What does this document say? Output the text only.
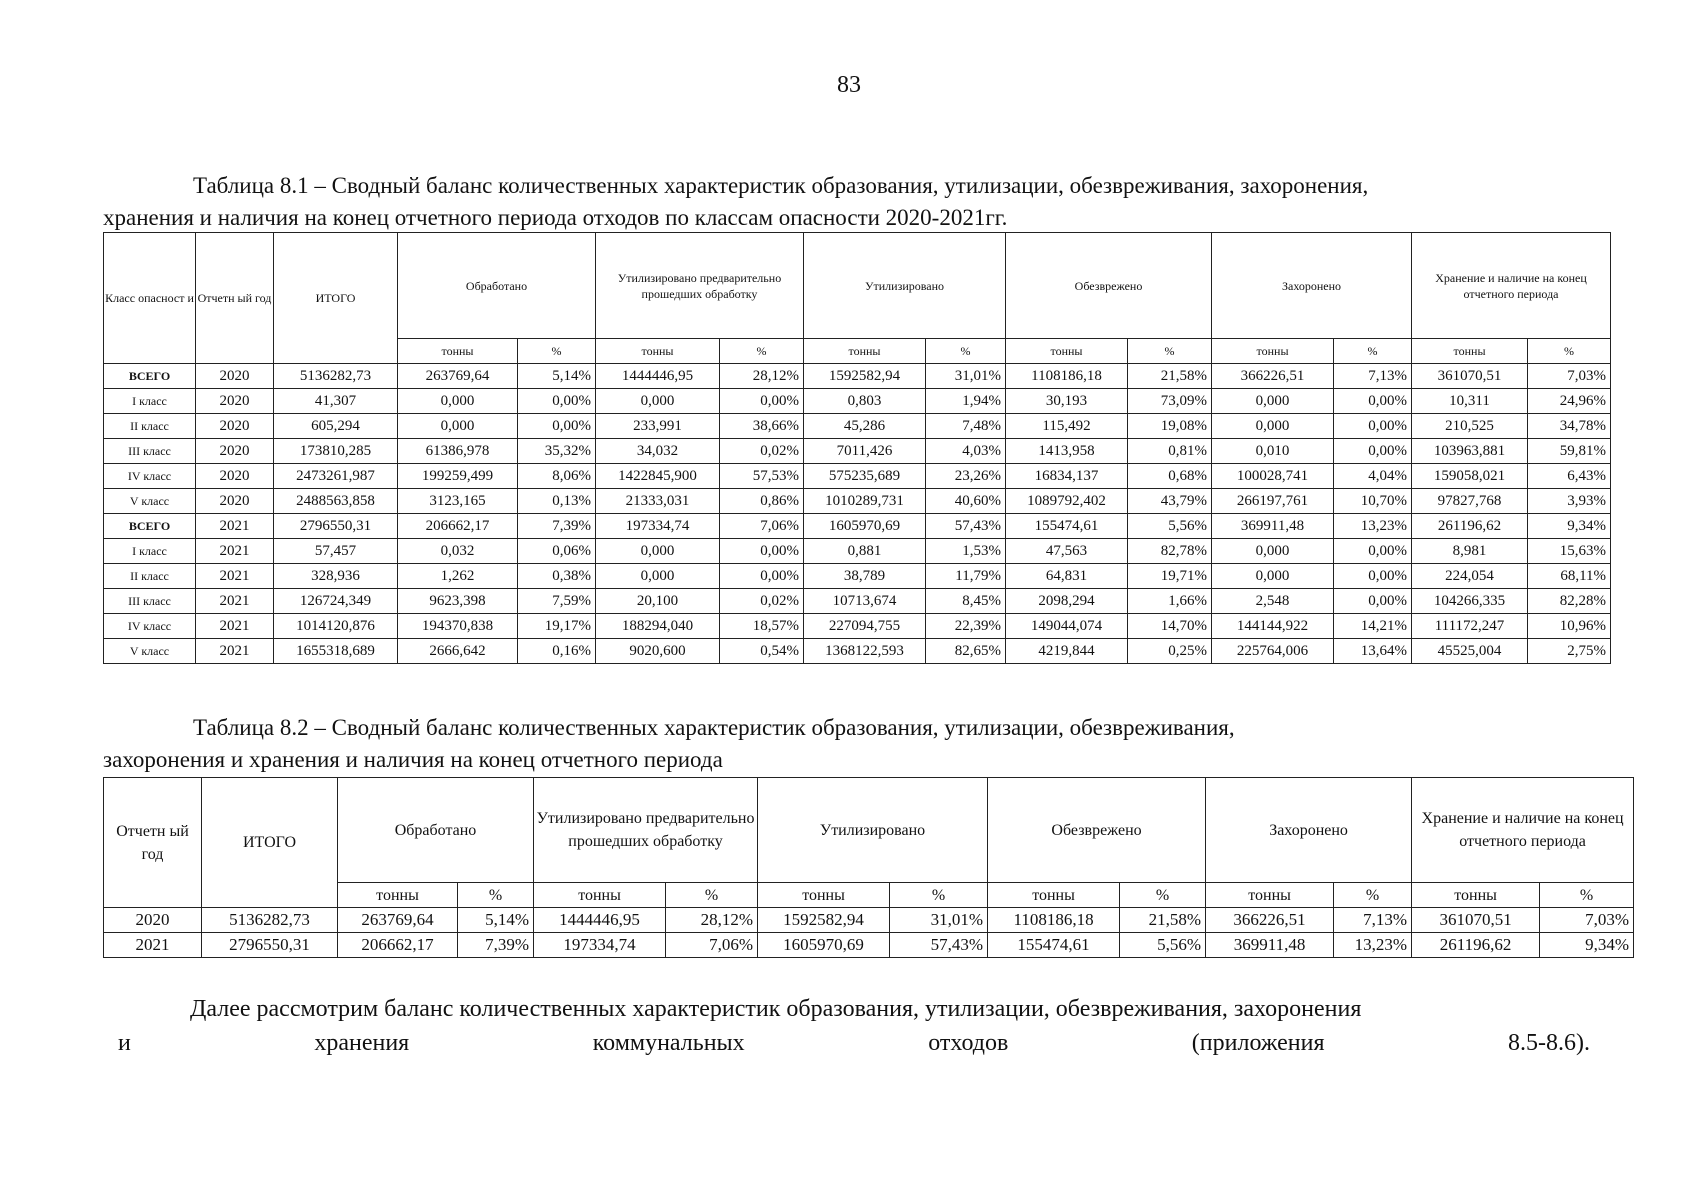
83
Таблица 8.1 – Сводный баланс количественных характеристик образования, утилизации, обезвреживания, захоронения,
хранения и наличия на конец отчетного периода отходов по классам опасности 2020-2021гг.
Класс опасност и	Отчетн ый год	ИТОГО	Обработано		Утилизировано предварительно прошедших обработку		Утилизировано		Обезврежено		Захоронено		Хранение и наличие на конец отчетного периода	
			тонны	%	тонны	%	тонны	%	тонны	%	тонны	%	тонны	%
ВСЕГО	2020	5136282,73	263769,64	5,14%	1444446,95	28,12%	1592582,94	31,01%	1108186,18	21,58%	366226,51	7,13%	361070,51	7,03%
I класс	2020	41,307	0,000	0,00%	0,000	0,00%	0,803	1,94%	30,193	73,09%	0,000	0,00%	10,311	24,96%
II класс	2020	605,294	0,000	0,00%	233,991	38,66%	45,286	7,48%	115,492	19,08%	0,000	0,00%	210,525	34,78%
III класс	2020	173810,285	61386,978	35,32%	34,032	0,02%	7011,426	4,03%	1413,958	0,81%	0,010	0,00%	103963,881	59,81%
IV класс	2020	2473261,987	199259,499	8,06%	1422845,900	57,53%	575235,689	23,26%	16834,137	0,68%	100028,741	4,04%	159058,021	6,43%
V класс	2020	2488563,858	3123,165	0,13%	21333,031	0,86%	1010289,731	40,60%	1089792,402	43,79%	266197,761	10,70%	97827,768	3,93%
ВСЕГО	2021	2796550,31	206662,17	7,39%	197334,74	7,06%	1605970,69	57,43%	155474,61	5,56%	369911,48	13,23%	261196,62	9,34%
I класс	2021	57,457	0,032	0,06%	0,000	0,00%	0,881	1,53%	47,563	82,78%	0,000	0,00%	8,981	15,63%
II класс	2021	328,936	1,262	0,38%	0,000	0,00%	38,789	11,79%	64,831	19,71%	0,000	0,00%	224,054	68,11%
III класс	2021	126724,349	9623,398	7,59%	20,100	0,02%	10713,674	8,45%	2098,294	1,66%	2,548	0,00%	104266,335	82,28%
IV класс	2021	1014120,876	194370,838	19,17%	188294,040	18,57%	227094,755	22,39%	149044,074	14,70%	144144,922	14,21%	111172,247	10,96%
V класс	2021	1655318,689	2666,642	0,16%	9020,600	0,54%	1368122,593	82,65%	4219,844	0,25%	225764,006	13,64%	45525,004	2,75%
Таблица 8.2 – Сводный баланс количественных характеристик образования, утилизации, обезвреживания,
захоронения и хранения и наличия на конец отчетного периода
Отчетн ый год	ИТОГО	Обработано		Утилизировано предварительно прошедших обработку		Утилизировано		Обезврежено		Захоронено		Хранение и наличие на конец отчетного периода	
		тонны	%	тонны	%	тонны	%	тонны	%	тонны	%	тонны	%
2020	5136282,73	263769,64	5,14%	1444446,95	28,12%	1592582,94	31,01%	1108186,18	21,58%	366226,51	7,13%	361070,51	7,03%
2021	2796550,31	206662,17	7,39%	197334,74	7,06%	1605970,69	57,43%	155474,61	5,56%	369911,48	13,23%	261196,62	9,34%
Далее рассмотрим баланс количественных характеристик образования, утилизации, обезвреживания, захоронения
и	хранения	коммунальных	отходов	(приложения	8.5-8.6).
